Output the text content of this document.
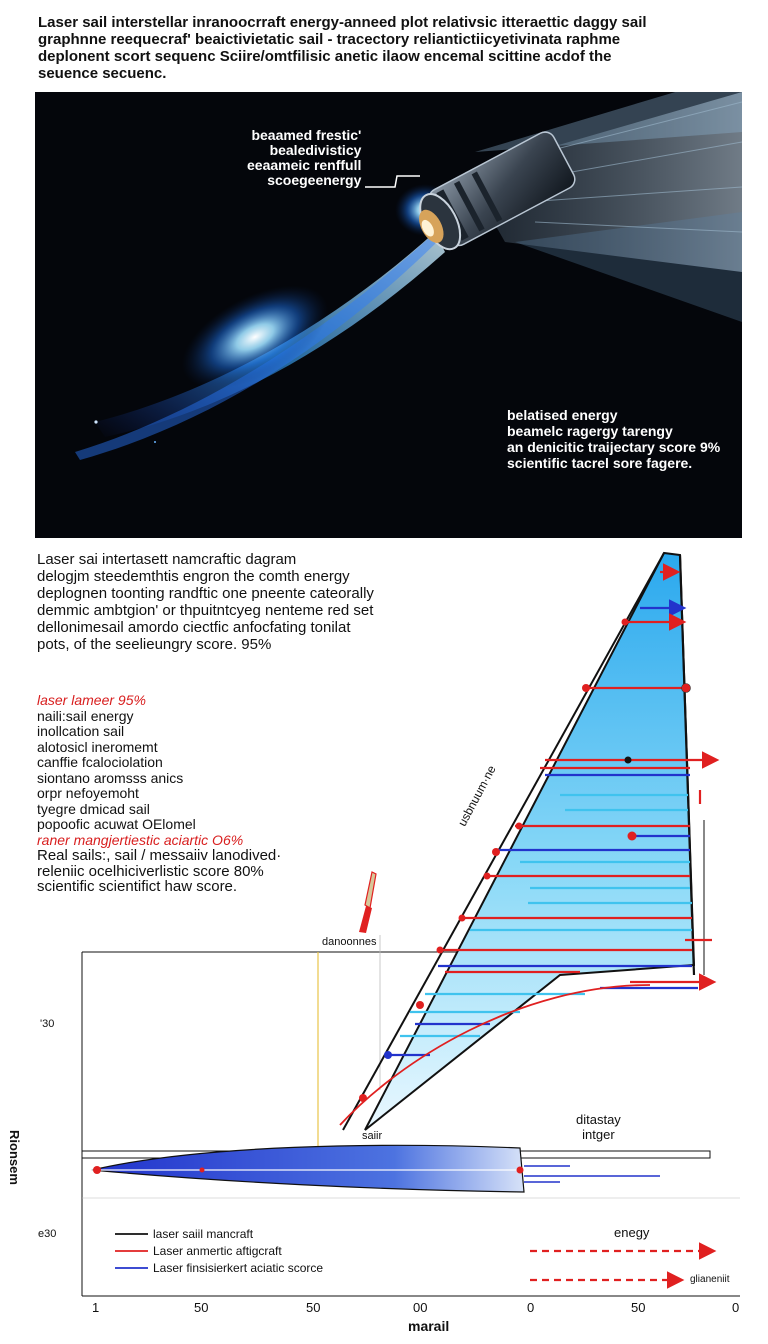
Laser sail interstellar inranoocrraft energy-anneed plot relativsic itteraettic daggy sail
graphnne reequecraf' beaictivietatic sail - tracectory reliantictiicyetivinata raphme
deplonent scort sequenc Sciire/omtfilisic anetic ilaow encemal scittine acdof the
seuence secuenc.
beaamed frestic'
bealedivisticy
eeaameic renffull
scoegeenergy
belatised energy
beamelc ragergy tarengy
an denicitic traijectary score 9%
scientific tacrel sore fagere.
Laser sai intertasett namcraftic dagram
delogjm steedemthtis engron the comth energy
deplognen toonting randftic one pneente cateorally
demmic ambtgion' or thpuitntcyeg nenteme red set
dellonimesail amordo ciectfic anfocfating tonilat
pots, of the seelieungry score. 95%
laser lameer 95%
naili:sail energy
inollcation sail
alotosicl ineromemt
canffie fcalociolation
siontano aromsss anics
orpr nefoyemoht
tyegre dmicad sail
popoofic acuwat OElomel
raner mangjertiestic aciartic O6%
Real sails:, sail / messaiiv lanodived·
releniic ocelhiciverlistic score 80%
scientific scientifict haw score.
danoonnes
usbnuum·ne
saiir
ditastay
intger
enegy
glianeniit
'30
e30
Rionsem
laser saiil mancraft
Laser anmertic aftigcraft
Laser finsisierkert aciatic scorce
1	50	50	00	0	50	0
marail
